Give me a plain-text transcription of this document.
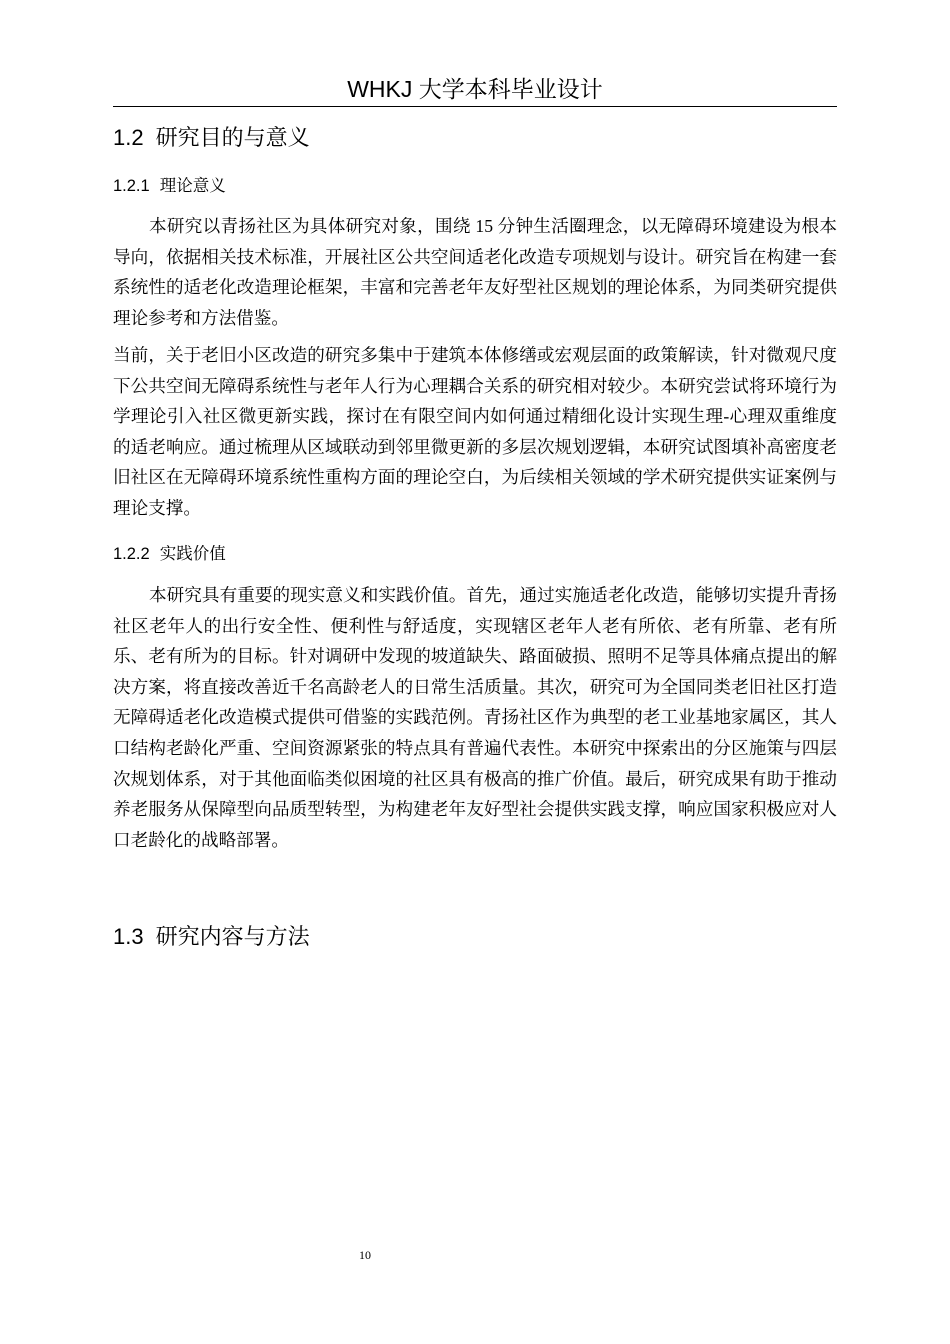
WHKJ 大学本科毕业设计
1.2 研究目的与意义
1.2.1 理论意义

本研究以青扬社区为具体研究对象，围绕 15 分钟生活圈理念，以无障碍环境建设为根本导向，依据相关技术标准，开展社区公共空间适老化改造专项规划与设计。研究旨在构建一套系统性的适老化改造理论框架，丰富和完善老年友好型社区规划的理论体系，为同类研究提供理论参考和方法借鉴。

当前，关于老旧小区改造的研究多集中于建筑本体修缮或宏观层面的政策解读，针对微观尺度下公共空间无障碍系统性与老年人行为心理耦合关系的研究相对较少。本研究尝试将环境行为学理论引入社区微更新实践，探讨在有限空间内如何通过精细化设计实现生理-心理双重维度的适老响应。通过梳理从区域联动到邻里微更新的多层次规划逻辑，本研究试图填补高密度老旧社区在无障碍环境系统性重构方面的理论空白，为后续相关领域的学术研究提供实证案例与理论支撑。

1.2.2 实践价值

本研究具有重要的现实意义和实践价值。首先，通过实施适老化改造，能够切实提升青扬社区老年人的出行安全性、便利性与舒适度，实现辖区老年人老有所依、老有所靠、老有所乐、老有所为的目标。针对调研中发现的坡道缺失、路面破损、照明不足等具体痛点提出的解决方案，将直接改善近千名高龄老人的日常生活质量。其次，研究可为全国同类老旧社区打造无障碍适老化改造模式提供可借鉴的实践范例。青扬社区作为典型的老工业基地家属区，其人口结构老龄化严重、空间资源紧张的特点具有普遍代表性。本研究中探索出的分区施策与四层次规划体系，对于其他面临类似困境的社区具有极高的推广价值。最后，研究成果有助于推动养老服务从保障型向品质型转型，为构建老年友好型社会提供实践支撑，响应国家积极应对人口老龄化的战略部署。

1.3 研究内容与方法
10
